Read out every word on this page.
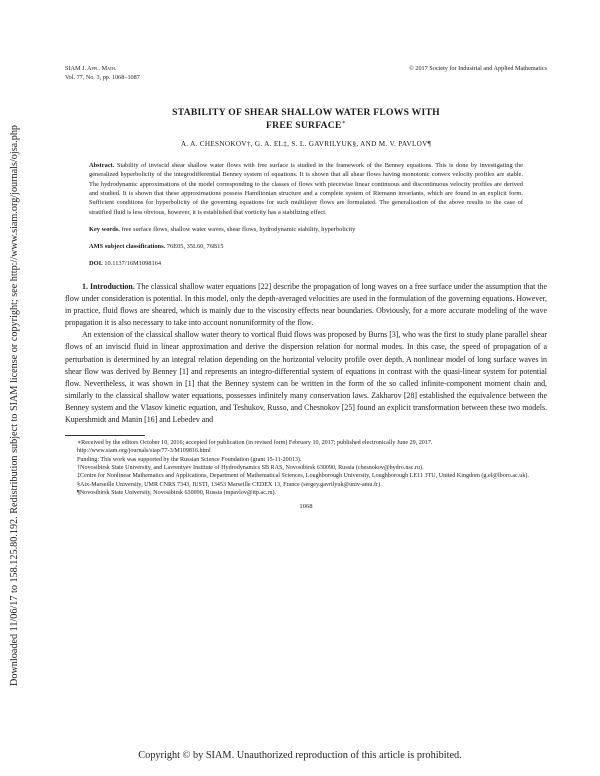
Downloaded 11/06/17 to 158.125.80.192. Redistribution subject to SIAM license or copyright; see http://www.siam.org/journals/ojsa.php
SIAM J. Appl. Math.
Vol. 77, No. 3, pp. 1068–1087
© 2017 Society for Industrial and Applied Mathematics
STABILITY OF SHEAR SHALLOW WATER FLOWS WITH
FREE SURFACE∗
A. A. CHESNOKOV†, G. A. EL‡, S. L. GAVRILYUK§, AND M. V. PAVLOV¶
Abstract. Stability of inviscid shear shallow water flows with free surface is studied in the framework of the Benney equations. This is done by investigating the generalized hyperbolicity of the integrodifferential Benney system of equations. It is shown that all shear flows having monotonic convex velocity profiles are stable. The hydrodynamic approximations of the model corresponding to the classes of flows with piecewise linear continuous and discontinuous velocity profiles are derived and studied. It is shown that these approximations possess Hamiltonian structure and a complete system of Riemann invariants, which are found in an explicit form. Sufficient conditions for hyperbolicity of the governing equations for such multilayer flows are formulated. The generalization of the above results to the case of stratified fluid is less obvious, however, it is established that vorticity has a stabilizing effect.
Key words. free surface flows, shallow water waves, shear flows, hydrodynamic stability, hyperbolicity
AMS subject classifications. 76E05, 35L60, 76B15
DOI. 10.1137/16M1098164

1. Introduction. The classical shallow water equations [22] describe the propagation of long waves on a free surface under the assumption that the flow under consideration is potential. In this model, only the depth-averaged velocities are used in the formulation of the governing equations. However, in practice, fluid flows are sheared, which is mainly due to the viscosity effects near boundaries. Obviously, for a more accurate modeling of the wave propagation it is also necessary to take into account nonuniformity of the flow.

An extension of the classical shallow water theory to vortical fluid flows was proposed by Burns [3], who was the first to study plane parallel shear flows of an inviscid fluid in linear approximation and derive the dispersion relation for normal modes. In this case, the speed of propagation of a perturbation is determined by an integral relation depending on the horizontal velocity profile over depth. A nonlinear model of long surface waves in shear flow was derived by Benney [1] and represents an integro-differential system of equations in contrast with the quasi-linear system for potential flow. Nevertheless, it was shown in [1] that the Benney system can be written in the form of the so called infinite-component moment chain and, similarly to the classical shallow water equations, possesses infinitely many conservation laws. Zakharov [28] established the equivalence between the Benney system and the Vlasov kinetic equation, and Teshukov, Russo, and Chesnokov [25] found an explicit transformation between these two models. Kupershmidt and Manin [16] and Lebedev and

∗Received by the editors October 10, 2016; accepted for publication (in revised form) February 10, 2017; published electronically June 29, 2017.
http://www.siam.org/journals/siap/77-3/M109816.html
Funding: This work was supported by the Russian Science Foundation (grant 15-11-20013).
†Novosibirsk State University, and Lavrentyev Institute of Hydrodynamics SB RAS, Novosibirsk 630090, Russia (chesnokov@hydro.nsc.ru).
‡Centre for Nonlinear Mathematics and Applications, Department of Mathematical Sciences, Loughborough University, Loughborough LE11 3TU, United Kingdom (g.el@lboro.ac.uk).
§Aix-Marseille University, UMR CNRS 7343, IUSTI, 13453 Marseille CEDEX 13, France (sergey.gavrilyuk@univ-amu.fr).
¶Novosibirsk State University, Novosibirsk 630090, Russia (mpavlov@itp.ac.ru).
1068
Copyright © by SIAM. Unauthorized reproduction of this article is prohibited.
